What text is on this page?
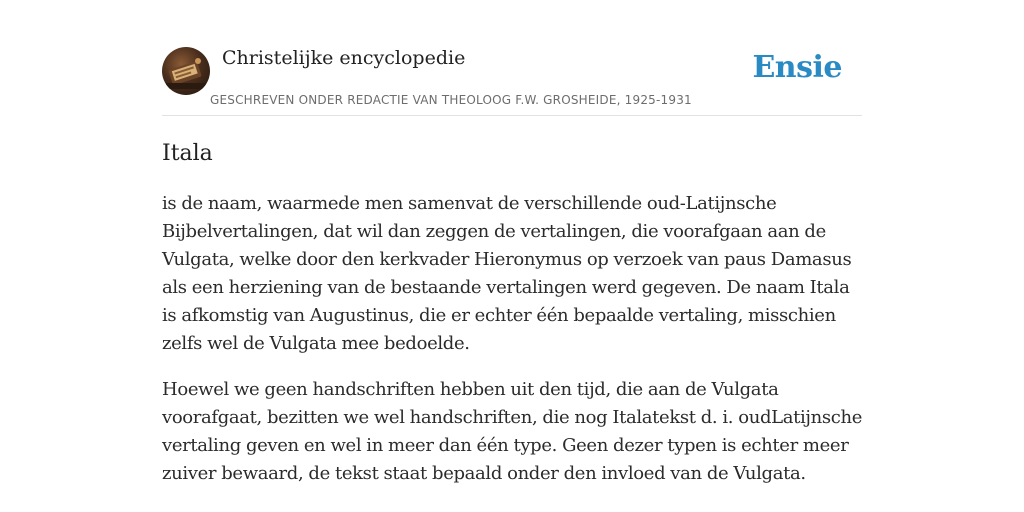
Christelijke encyclopedie
GESCHREVEN ONDER REDACTIE VAN THEOLOOG F.W. GROSHEIDE, 1925-1931
Ensie
Itala

is de naam, waarmede men samenvat de verschillende oud-Latijnsche Bijbelvertalingen, dat wil dan zeggen de vertalingen, die voorafgaan aan de Vulgata, welke door den kerkvader Hieronymus op verzoek van paus Damasus als een herziening van de bestaande vertalingen werd gegeven. De naam Itala is afkomstig van Augustinus, die er echter één bepaalde vertaling, misschien zelfs wel de Vulgata mee bedoelde.

Hoewel we geen handschriften hebben uit den tijd, die aan de Vulgata voorafgaat, bezitten we wel handschriften, die nog Italatekst d. i. oudLatijnsche vertaling geven en wel in meer dan één type. Geen dezer typen is echter meer zuiver bewaard, de tekst staat bepaald onder den invloed van de Vulgata.
